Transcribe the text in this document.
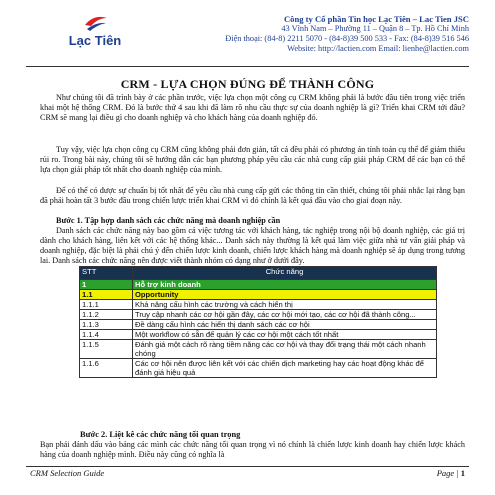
Lạc Tiên
Công ty Cổ phần Tin học Lạc Tiên – Lac Tien JSC
43 Vĩnh Nam – Phường 11 – Quận 8 – Tp. Hồ Chí Minh
Điện thoại: (84-8) 2211 5070 - (84-8)39 500 533 - Fax: (84-8)39 516 546
Website: http://lactien.com Email: lienhe@lactien.com
CRM - LỰA CHỌN ĐÚNG ĐỂ THÀNH CÔNG
Như chúng tôi đã trình bày ở các phần trước, việc lựa chọn một công cụ CRM không phải là bước đầu tiên trong việc triển khai một hệ thống CRM. Đó là bước thứ 4 sau khi đã làm rõ nhu cầu thực sự của doanh nghiệp là gì? Triển khai CRM tới đâu? CRM sẽ mang lại điều gì cho doanh nghiệp và cho khách hàng của doanh nghiệp đó.
Tuy vậy, việc lựa chọn công cụ CRM cũng không phải đơn giản, tất cả đều phải có phương án tính toán cụ thể để giảm thiểu rủi ro. Trong bài này, chúng tôi sẽ hướng dẫn các bạn phương pháp yêu cầu các nhà cung cấp giải pháp CRM để các bạn có thể lựa chọn giải pháp tốt nhất cho doanh nghiệp của mình.
Để có thể có được sự chuẩn bị tốt nhất để yêu cầu nhà cung cấp gửi các thông tin cần thiết, chúng tôi phải nhắc lại rằng bạn đã phải hoàn tất 3 bước đầu trong chiến lược triển khai CRM vì đó chính là kết quả đầu vào cho giai đoạn này.
Bước 1. Tập hợp danh sách các chức năng mà doanh nghiệp cần
Danh sách các chức năng này bao gồm cả việc tương tác với khách hàng, tác nghiệp trong nội bộ doanh nghiệp, các giá trị dành cho khách hàng, liên kết với các hệ thống khác... Danh sách này thường là kết quả làm việc giữa nhà tư vấn giải pháp và doanh nghiệp, đặc biệt là phải chú ý đến chiến lược kinh doanh, chiến lược khách hàng mà doanh nghiệp sẽ áp dụng trong tương lai. Danh sách các chức năng nên được viết thành nhóm có dạng như ở dưới đây.
STT	Chức năng
1	Hỗ trợ kinh doanh
1.1	Opportunity
1.1.1	Khả năng cấu hình các trường và cách hiển thị
1.1.2	Truy cập nhanh các cơ hội gần đây, các cơ hội mới tạo, các cơ hội đã thành công...
1.1.3	Đề dàng cấu hình các hiển thị danh sách các cơ hội
1.1.4	Một workflow có sẵn để quản lý các cơ hội một cách tốt nhất
1.1.5	Đánh giá một cách rõ ràng tiềm năng các cơ hội và thay đổi trạng thái một cách nhanh chóng
1.1.6	Các cơ hội nên được liên kết với các chiến dịch marketing hay các hoạt động khác để đánh giá hiệu quả
Bước 2. Liệt kê các chức năng tối quan trọng
Bạn phải đánh dấu vào bảng các mình các chức năng tối quan trọng vì nó chính là chiến lược kinh doanh hay chiến lược khách hàng của doanh nghiệp mình. Điều này cũng có nghĩa là
CRM Selection Guide	Page | 1
